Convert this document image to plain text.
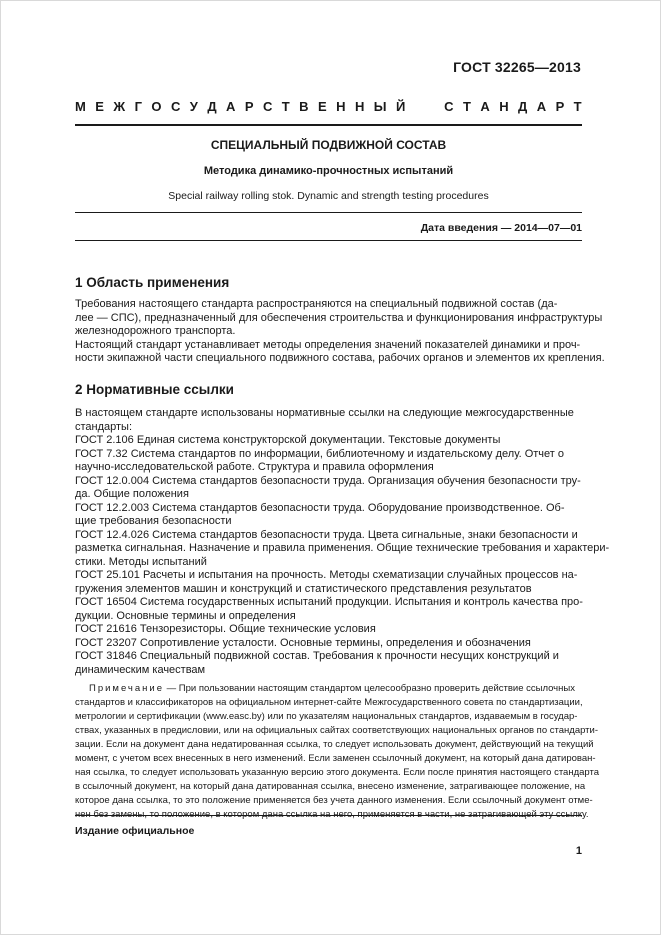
ГОСТ 32265—2013
М Е Ж Г О С У Д А Р С Т В Е Н Н Ы Й	С Т А Н Д А Р Т
СПЕЦИАЛЬНЫЙ ПОДВИЖНОЙ СОСТАВ
Методика динамико-прочностных испытаний
Special railway rolling stok. Dynamic and strength testing procedures
Дата введения — 2014—07—01
1 Область применения
Требования настоящего стандарта распространяются на специальный подвижной состав (да-
лее — СПС), предназначенный для обеспечения строительства и функционирования инфраструктуры
железнодорожного транспорта.
Настоящий стандарт устанавливает методы определения значений показателей динамики и проч-
ности экипажной части специального подвижного состава, рабочих органов и элементов их крепления.
2 Нормативные ссылки
В настоящем стандарте использованы нормативные ссылки на следующие межгосударственные
стандарты:
ГОСТ 2.106 Единая система конструкторской документации. Текстовые документы
ГОСТ 7.32 Система стандартов по информации, библиотечному и издательскому делу. Отчет о
научно-исследовательской работе. Структура и правила оформления
ГОСТ 12.0.004 Система стандартов безопасности труда. Организация обучения безопасности тру-
да. Общие положения
ГОСТ 12.2.003 Система стандартов безопасности труда. Оборудование производственное. Об-
щие требования безопасности
ГОСТ 12.4.026 Система стандартов безопасности труда. Цвета сигнальные, знаки безопасности и
разметка сигнальная. Назначение и правила применения. Общие технические требования и характери-
стики. Методы испытаний
ГОСТ 25.101 Расчеты и испытания на прочность. Методы схематизации случайных процессов на-
гружения элементов машин и конструкций и статистического представления результатов
ГОСТ 16504 Система государственных испытаний продукции. Испытания и контроль качества про-
дукции. Основные термины и определения
ГОСТ 21616 Тензорезисторы. Общие технические условия
ГОСТ 23207 Сопротивление усталости. Основные термины, определения и обозначения
ГОСТ 31846 Специальный подвижной состав. Требования к прочности несущих конструкций и
динамическим качествам
Примечание — При пользовании настоящим стандартом целесообразно проверить действие ссылочных
стандартов и классификаторов на официальном интернет-сайте Межгосударственного совета по стандартизации,
метрологии и сертификации (www.easc.by) или по указателям национальных стандартов, издаваемым в государ-
ствах, указанных в предисловии, или на официальных сайтах соответствующих национальных органов по стандарти-
зации. Если на документ дана недатированная ссылка, то следует использовать документ, действующий на текущий
момент, с учетом всех внесенных в него изменений. Если заменен ссылочный документ, на который дана датирован-
ная ссылка, то следует использовать указанную версию этого документа. Если после принятия настоящего стандарта
в ссылочный документ, на который дана датированная ссылка, внесено изменение, затрагивающее положение, на
которое дана ссылка, то это положение применяется без учета данного изменения. Если ссылочный документ отме-
нен без замены, то положение, в котором дана ссылка на него, применяется в части, не затрагивающей эту ссылку.
Издание официальное
1
